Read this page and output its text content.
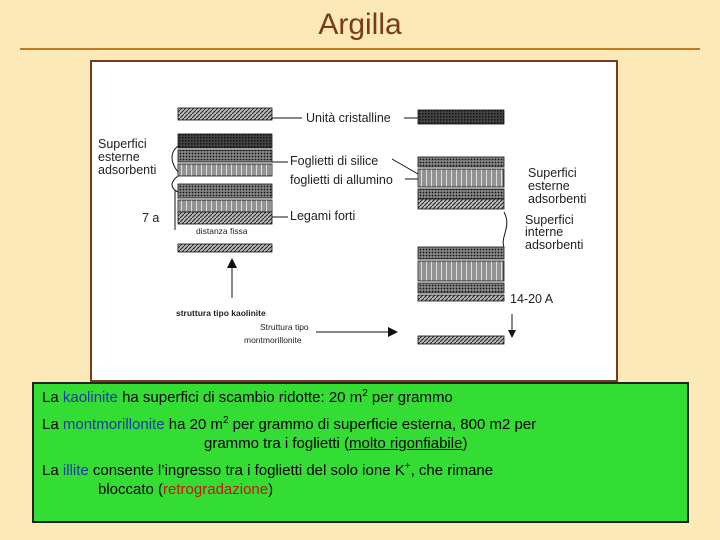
Argilla
Unità cristalline
Superfici
esterne
adsorbenti
Foglietti di silice
foglietti di allumino	Superfici
esterne
adsorbenti
Superfici
interne
adsorbenti
7 a
distanza fissa
Legami forti
14-20 A
struttura tipo kaolinite
Struttura tipo
montmorillonite

La kaolinite ha superfici di scambio ridotte: 20 $m^2$ per grammo

La montmorillonite ha 20 $m^2$ per grammo di superficie esterna, 800 m2 per
grammo tra i foglietti (molto rigonfiabile)

La illite consente l’ingresso tra i foglietti del solo ione K+, che rimane
bloccato (retrogradazione)
